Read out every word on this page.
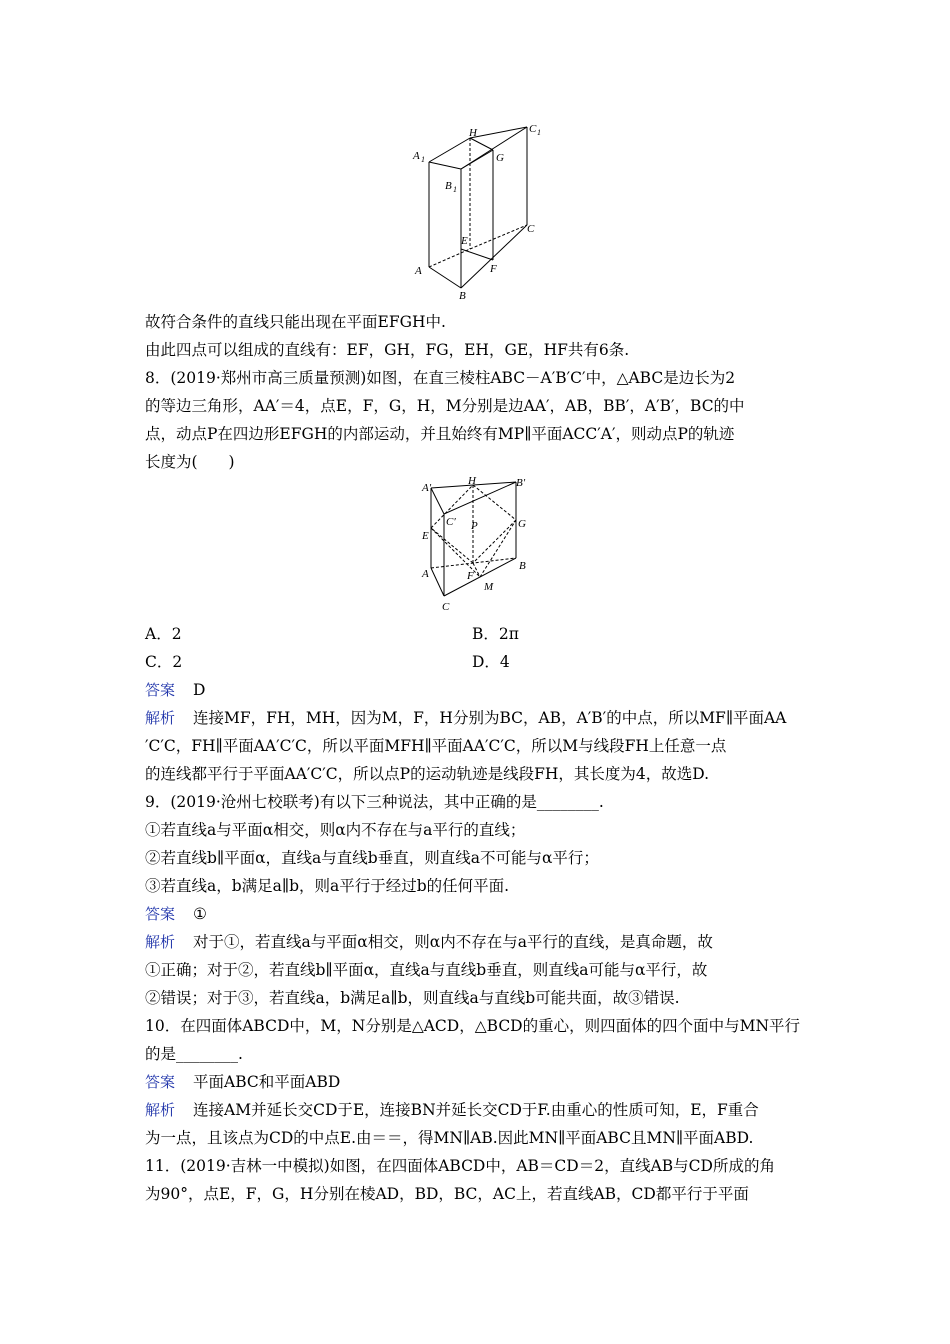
H	C 1
A 1	G
B 1
C
E
A	F
B
故符合条件的直线只能出现在平面EFGH中.
由此四点可以组成的直线有：EF，GH，FG，EH，GE，HF共有6条.
8．(2019·郑州市高三质量预测)如图，在直三棱柱ABC－A′B′C′中，△ABC是边长为2
的等边三角形，AA′＝4，点E，F，G，H，M分别是边AA′，AB，BB′，A′B′，BC的中
点，动点P在四边形EFGH的内部运动，并且始终有MP∥平面ACC′A′，则动点P的轨迹
长度为(　　)
A′
H	B′
C′ P	G
E
B
A	F
M
C
A．2	B．2π
C．2	D．4
答案 D
解析 连接MF，FH，MH，因为M，F，H分别为BC，AB，A′B′的中点，所以MF∥平面AA
′C′C，FH∥平面AA′C′C，所以平面MFH∥平面AA′C′C，所以M与线段FH上任意一点
的连线都平行于平面AA′C′C，所以点P的运动轨迹是线段FH，其长度为4，故选D.
9．(2019·沧州七校联考)有以下三种说法，其中正确的是________.
①若直线a与平面α相交，则α内不存在与a平行的直线；
②若直线b∥平面α，直线a与直线b垂直，则直线a不可能与α平行；
③若直线a，b满足a∥b，则a平行于经过b的任何平面.
答案 ①
解析 对于①，若直线a与平面α相交，则α内不存在与a平行的直线，是真命题，故
①正确；对于②，若直线b∥平面α，直线a与直线b垂直，则直线a可能与α平行，故
②错误；对于③，若直线a，b满足a∥b，则直线a与直线b可能共面，故③错误.
10．在四面体ABCD中，M，N分别是△ACD，△BCD的重心，则四面体的四个面中与MN平行
的是________.
答案 平面ABC和平面ABD
解析 连接AM并延长交CD于E，连接BN并延长交CD于F.由重心的性质可知，E，F重合
为一点，且该点为CD的中点E.由＝＝，得MN∥AB.因此MN∥平面ABC且MN∥平面ABD.
11．(2019·吉林一中模拟)如图，在四面体ABCD中，AB＝CD＝2，直线AB与CD所成的角
为90°，点E，F，G，H分别在棱AD，BD，BC，AC上，若直线AB，CD都平行于平面
